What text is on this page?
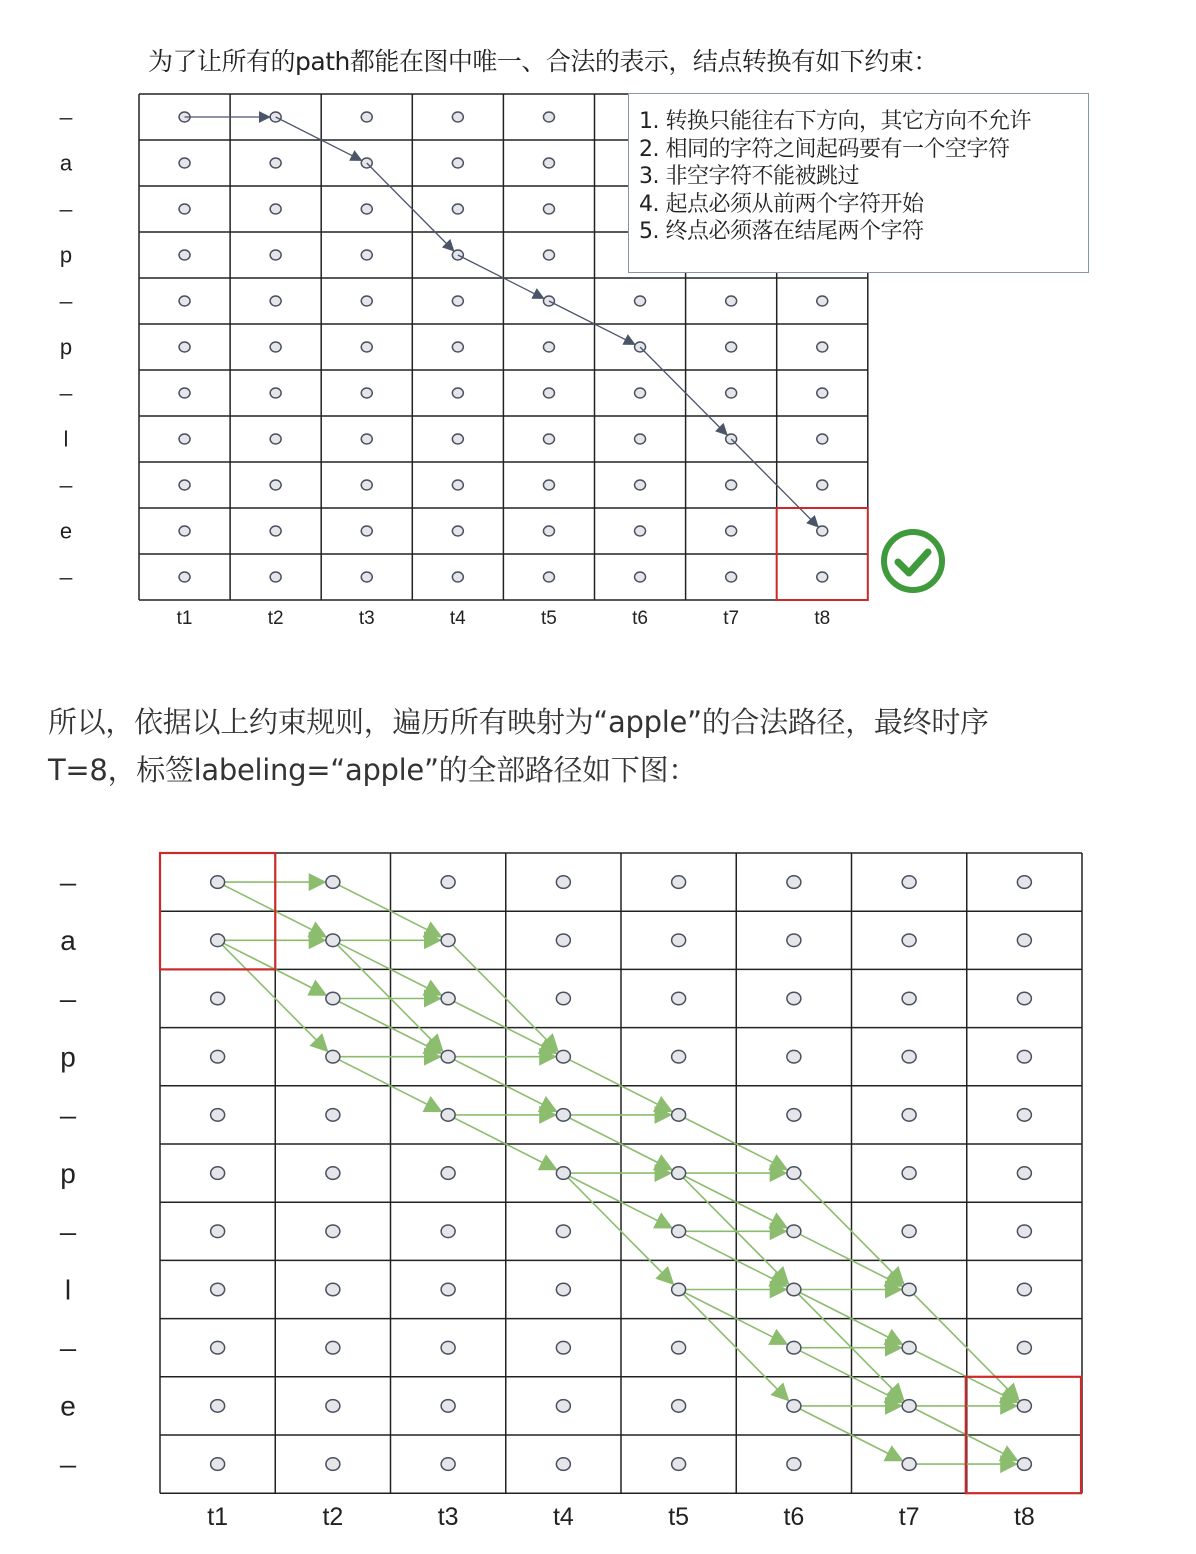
_
a
_
p
_
p
_
l
_
e
_
t1	t2	t3	t4	t5	t6	t7	t8
_
a
_
p
_
p
_
l
_
e
_
t1	t2	t3	t4	t5	t6	t7	t8
为了让所有的path都能在图中唯一、合法的表示，结点转换有如下约束：
1. 转换只能往右下方向，其它方向不允许
2. 相同的字符之间起码要有一个空字符
3. 非空字符不能被跳过
4. 起点必须从前两个字符开始
5. 终点必须落在结尾两个字符
所以，依据以上约束规则，遍历所有映射为“apple”的合法路径，最终时序
T=8，标签labeling=“apple”的全部路径如下图：
